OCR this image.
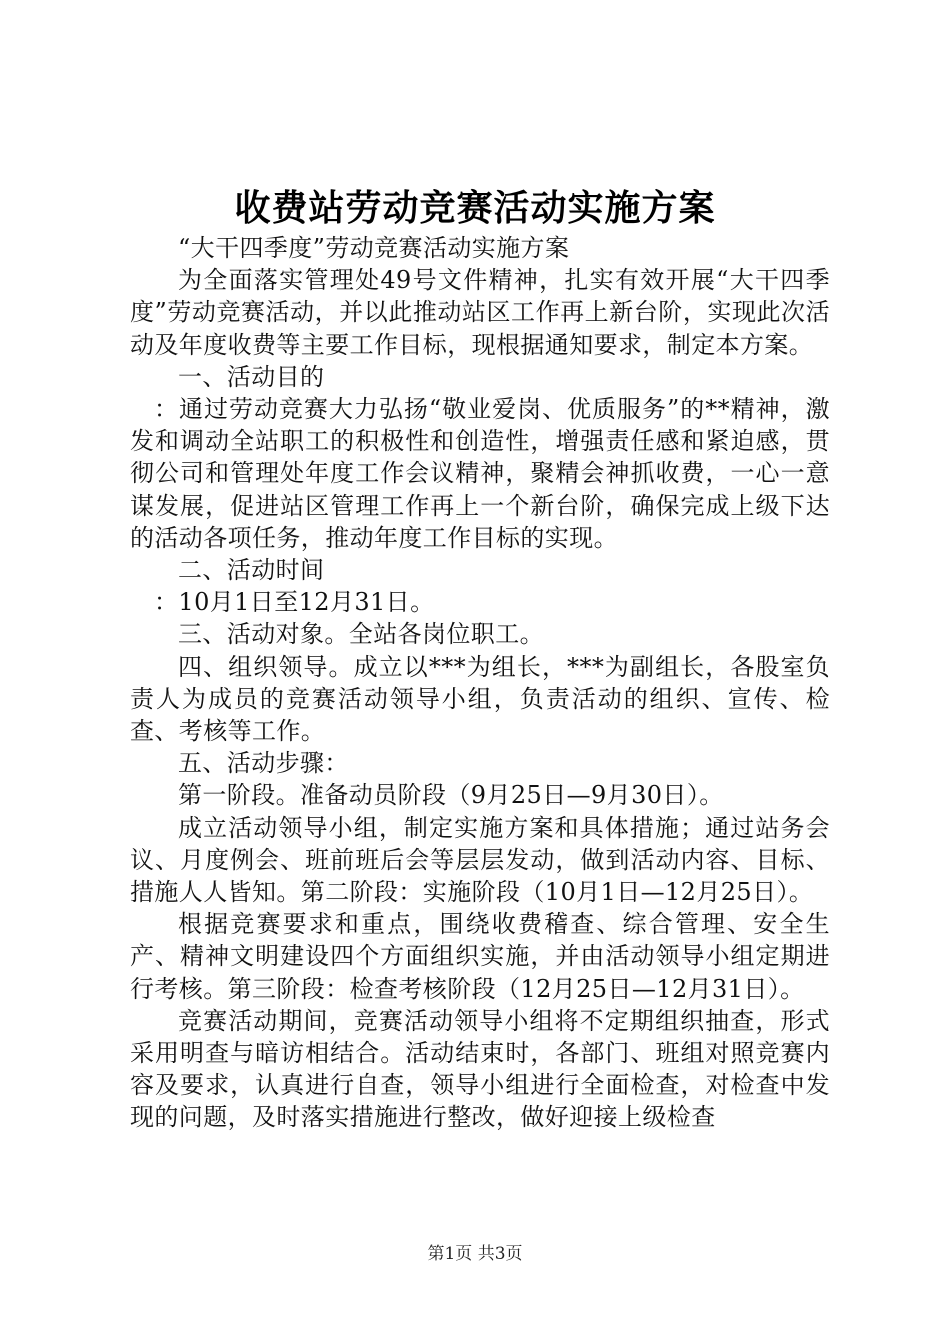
收费站劳动竞赛活动实施方案

“大干四季度”劳动竞赛活动实施方案

为全面落实管理处49号文件精神，扎实有效开展“大干四季度”劳动竞赛活动，并以此推动站区工作再上新台阶，实现此次活动及年度收费等主要工作目标，现根据通知要求，制定本方案。

一、活动目的

：通过劳动竞赛大力弘扬“敬业爱岗、优质服务”的**精神，激发和调动全站职工的积极性和创造性，增强责任感和紧迫感，贯彻公司和管理处年度工作会议精神，聚精会神抓收费，一心一意谋发展，促进站区管理工作再上一个新台阶，确保完成上级下达的活动各项任务，推动年度工作目标的实现。

二、活动时间

：10月1日至12月31日。

三、活动对象。全站各岗位职工。

四、组织领导。成立以***为组长，***为副组长，各股室负责人为成员的竞赛活动领导小组，负责活动的组织、宣传、检查、考核等工作。

五、活动步骤：

第一阶段。准备动员阶段（9月25日—9月30日）。

成立活动领导小组，制定实施方案和具体措施；通过站务会议、月度例会、班前班后会等层层发动，做到活动内容、目标、措施人人皆知。第二阶段：实施阶段（10月1日—12月25日）。

根据竞赛要求和重点，围绕收费稽查、综合管理、安全生产、精神文明建设四个方面组织实施，并由活动领导小组定期进行考核。第三阶段：检查考核阶段（12月25日—12月31日）。

竞赛活动期间，竞赛活动领导小组将不定期组织抽查，形式采用明查与暗访相结合。活动结束时，各部门、班组对照竞赛内容及要求，认真进行自查，领导小组进行全面检查，对检查中发现的问题，及时落实措施进行整改，做好迎接上级检查

第1页 共3页
